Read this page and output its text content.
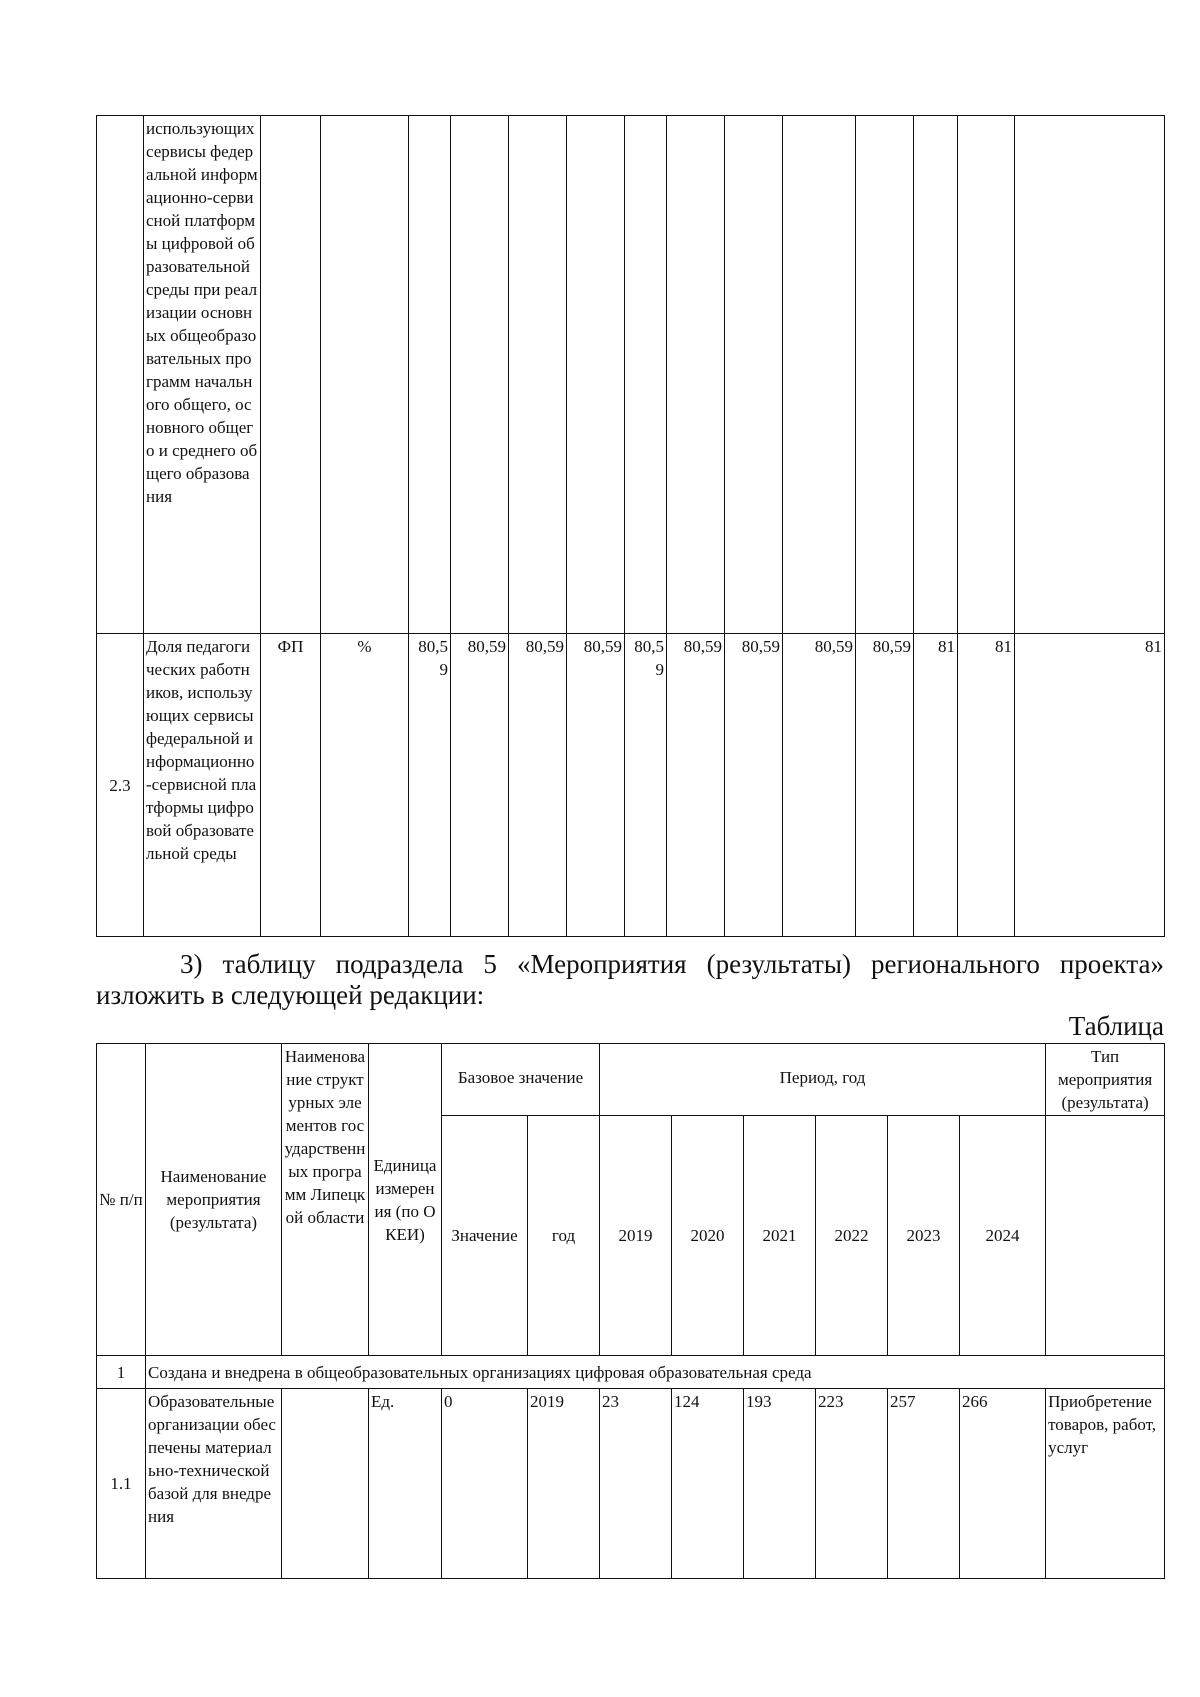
	использующих сервисы федеральной информационно-сервисной платформы цифровой образовательной среды при реализации основных общеобразовательных программ начального общего, основного общего и среднего общего образования														
2.3	Доля педагогических работников, использующих сервисы федеральной информационно-сервисной платформы цифровой образовательной среды	ФП	%	80,59	80,59	80,59	80,59	80,59	80,59	80,59	80,59	80,59	81	81	81

3) таблицу подраздела 5 «Мероприятия (результаты) регионального проекта»

изложить в следующей редакции:

Таблица
№ п/п	Наименование мероприятия (результата)	Наименование структурных элементов государственных программ Липецкой области	Единица измерения (по ОКЕИ)	Базовое значение		Период, год						Тип мероприятия (результата)
				Значение	год	2019	2020	2021	2022	2023	2024	
1	Создана и внедрена в общеобразовательных организациях цифровая образовательная среда											
1.1	Образовательные организации обеспечены материально-технической базой для внедрения		Ед.	0	2019	23	124	193	223	257	266	Приобретение товаров, работ, услуг
